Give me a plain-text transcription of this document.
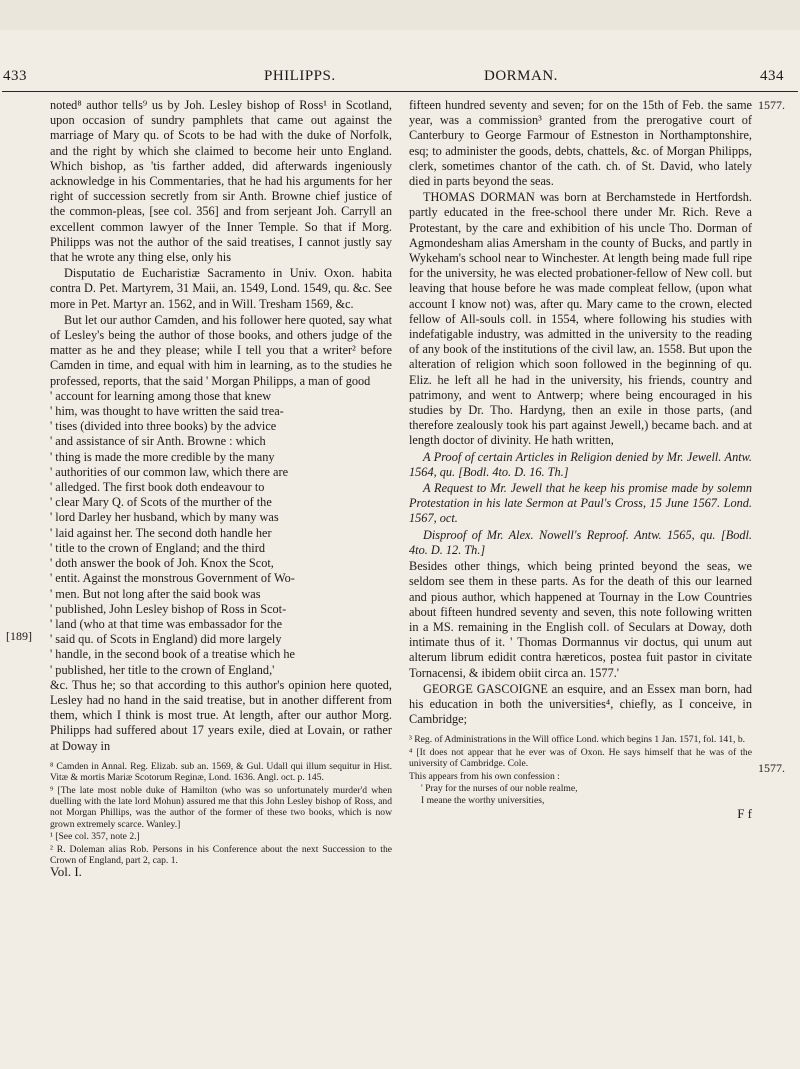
433	PHILIPPS.	DORMAN.	434
[189]
1577.
1577.

noted⁸ author tells⁹ us by Joh. Lesley bishop of Ross¹ in Scotland, upon occasion of sundry pamphlets that came out against the marriage of Mary qu. of Scots to be had with the duke of Norfolk, and the right by which she claimed to become heir unto England. Which bishop, as 'tis farther added, did afterwards ingeniously acknowledge in his Commentaries, that he had his arguments for her right of succession secretly from sir Anth. Browne chief justice of the common-pleas, [see col. 356] and from serjeant Joh. Carryll an excellent common lawyer of the Inner Temple. So that if Morg. Philipps was not the author of the said treatises, I cannot justly say that he wrote any thing else, only his

Disputatio de Eucharistiæ Sacramento in Univ. Oxon. habita contra D. Pet. Martyrem, 31 Maii, an. 1549, Lond. 1549, qu. &c. See more in Pet. Martyr an. 1562, and in Will. Tresham 1569, &c.

But let our author Camden, and his follower here quoted, say what of Lesley's being the author of those books, and others judge of the matter as he and they please; while I tell you that a writer² before Camden in time, and equal with him in learning, as to the studies he professed, reports, that the said ' Morgan Philipps, a man of good

' account for learning among those that knew
' him, was thought to have written the said trea-
' tises (divided into three books) by the advice
' and assistance of sir Anth. Browne : which
' thing is made the more credible by the many
' authorities of our common law, which there are
' alledged. The first book doth endeavour to
' clear Mary Q. of Scots of the murther of the
' lord Darley her husband, which by many was
' laid against her. The second doth handle her
' title to the crown of England; and the third
' doth answer the book of Joh. Knox the Scot,
' entit. Against the monstrous Government of Wo-
' men. But not long after the said book was
' published, John Lesley bishop of Ross in Scot-
' land (who at that time was embassador for the
' said qu. of Scots in England) did more largely
' handle, in the second book of a treatise which he
' published, her title to the crown of England,'

&c. Thus he; so that according to this author's opinion here quoted, Lesley had no hand in the said treatise, but in another different from them, which I think is most true. At length, after our author Morg. Philipps had suffered about 17 years exile, died at Lovain, or rather at Doway in

⁸ Camden in Annal. Reg. Elizab. sub an. 1569, & Gul. Udall qui illum sequitur in Hist. Vitæ & mortis Mariæ Scotorum Reginæ, Lond. 1636. Angl. oct. p. 145.

⁹ [The late most noble duke of Hamilton (who was so unfortunately murder'd when duelling with the late lord Mohun) assured me that this John Lesley bishop of Ross, and not Morgan Phillips, was the author of the former of these two books, which is now grown extremely scarce. Wanley.]

¹ [See col. 357, note 2.]

² R. Doleman alias Rob. Persons in his Conference about the next Succession to the Crown of England, part 2, cap. 1.

Vol. I.

fifteen hundred seventy and seven; for on the 15th of Feb. the same year, was a commission³ granted from the prerogative court of Canterbury to George Farmour of Estneston in Northamptonshire, esq; to administer the goods, debts, chattels, &c. of Morgan Philipps, clerk, sometimes chantor of the cath. ch. of St. David, who lately died in parts beyond the seas.

THOMAS DORMAN was born at Berchamstede in Hertfordsh. partly educated in the free-school there under Mr. Rich. Reve a Protestant, by the care and exhibition of his uncle Tho. Dorman of Agmondesham alias Amersham in the county of Bucks, and partly in Wykeham's school near to Winchester. At length being made full ripe for the university, he was elected probationer-fellow of New coll. but leaving that house before he was made compleat fellow, (upon what account I know not) was, after qu. Mary came to the crown, elected fellow of All-souls coll. in 1554, where following his studies with indefatigable industry, was admitted in the university to the reading of any book of the institutions of the civil law, an. 1558. But upon the alteration of religion which soon followed in the beginning of qu. Eliz. he left all he had in the university, his friends, country and patrimony, and went to Antwerp; where being encouraged in his studies by Dr. Tho. Hardyng, then an exile in those parts, (and therefore zealously took his part against Jewell,) became bach. and at length doctor of divinity. He hath written,

A Proof of certain Articles in Religion denied by Mr. Jewell. Antw. 1564, qu. [Bodl. 4to. D. 16. Th.]

A Request to Mr. Jewell that he keep his promise made by solemn Protestation in his late Sermon at Paul's Cross, 15 June 1567. Lond. 1567, oct.

Disproof of Mr. Alex. Nowell's Reproof. Antw. 1565, qu. [Bodl. 4to. D. 12. Th.]

Besides other things, which being printed beyond the seas, we seldom see them in these parts. As for the death of this our learned and pious author, which happened at Tournay in the Low Countries about fifteen hundred seventy and seven, this note following written in a MS. remaining in the English coll. of Seculars at Doway, doth intimate thus of it. ' Thomas Dormannus vir doctus, qui unum aut alterum librum edidit contra hæreticos, postea fuit pastor in civitate Tornacensi, & ibidem obiit circa an. 1577.'

GEORGE GASCOIGNE an esquire, and an Essex man born, had his education in both the universities⁴, chiefly, as I conceive, in Cambridge;

³ Reg. of Administrations in the Will office Lond. which begins 1 Jan. 1571, fol. 141, b.

⁴ [It does not appear that he ever was of Oxon. He says himself that he was of the university of Cambridge. Cole.

This appears from his own confession :

' Pray for the nurses of our noble realme,

I meane the worthy universities,

F f
